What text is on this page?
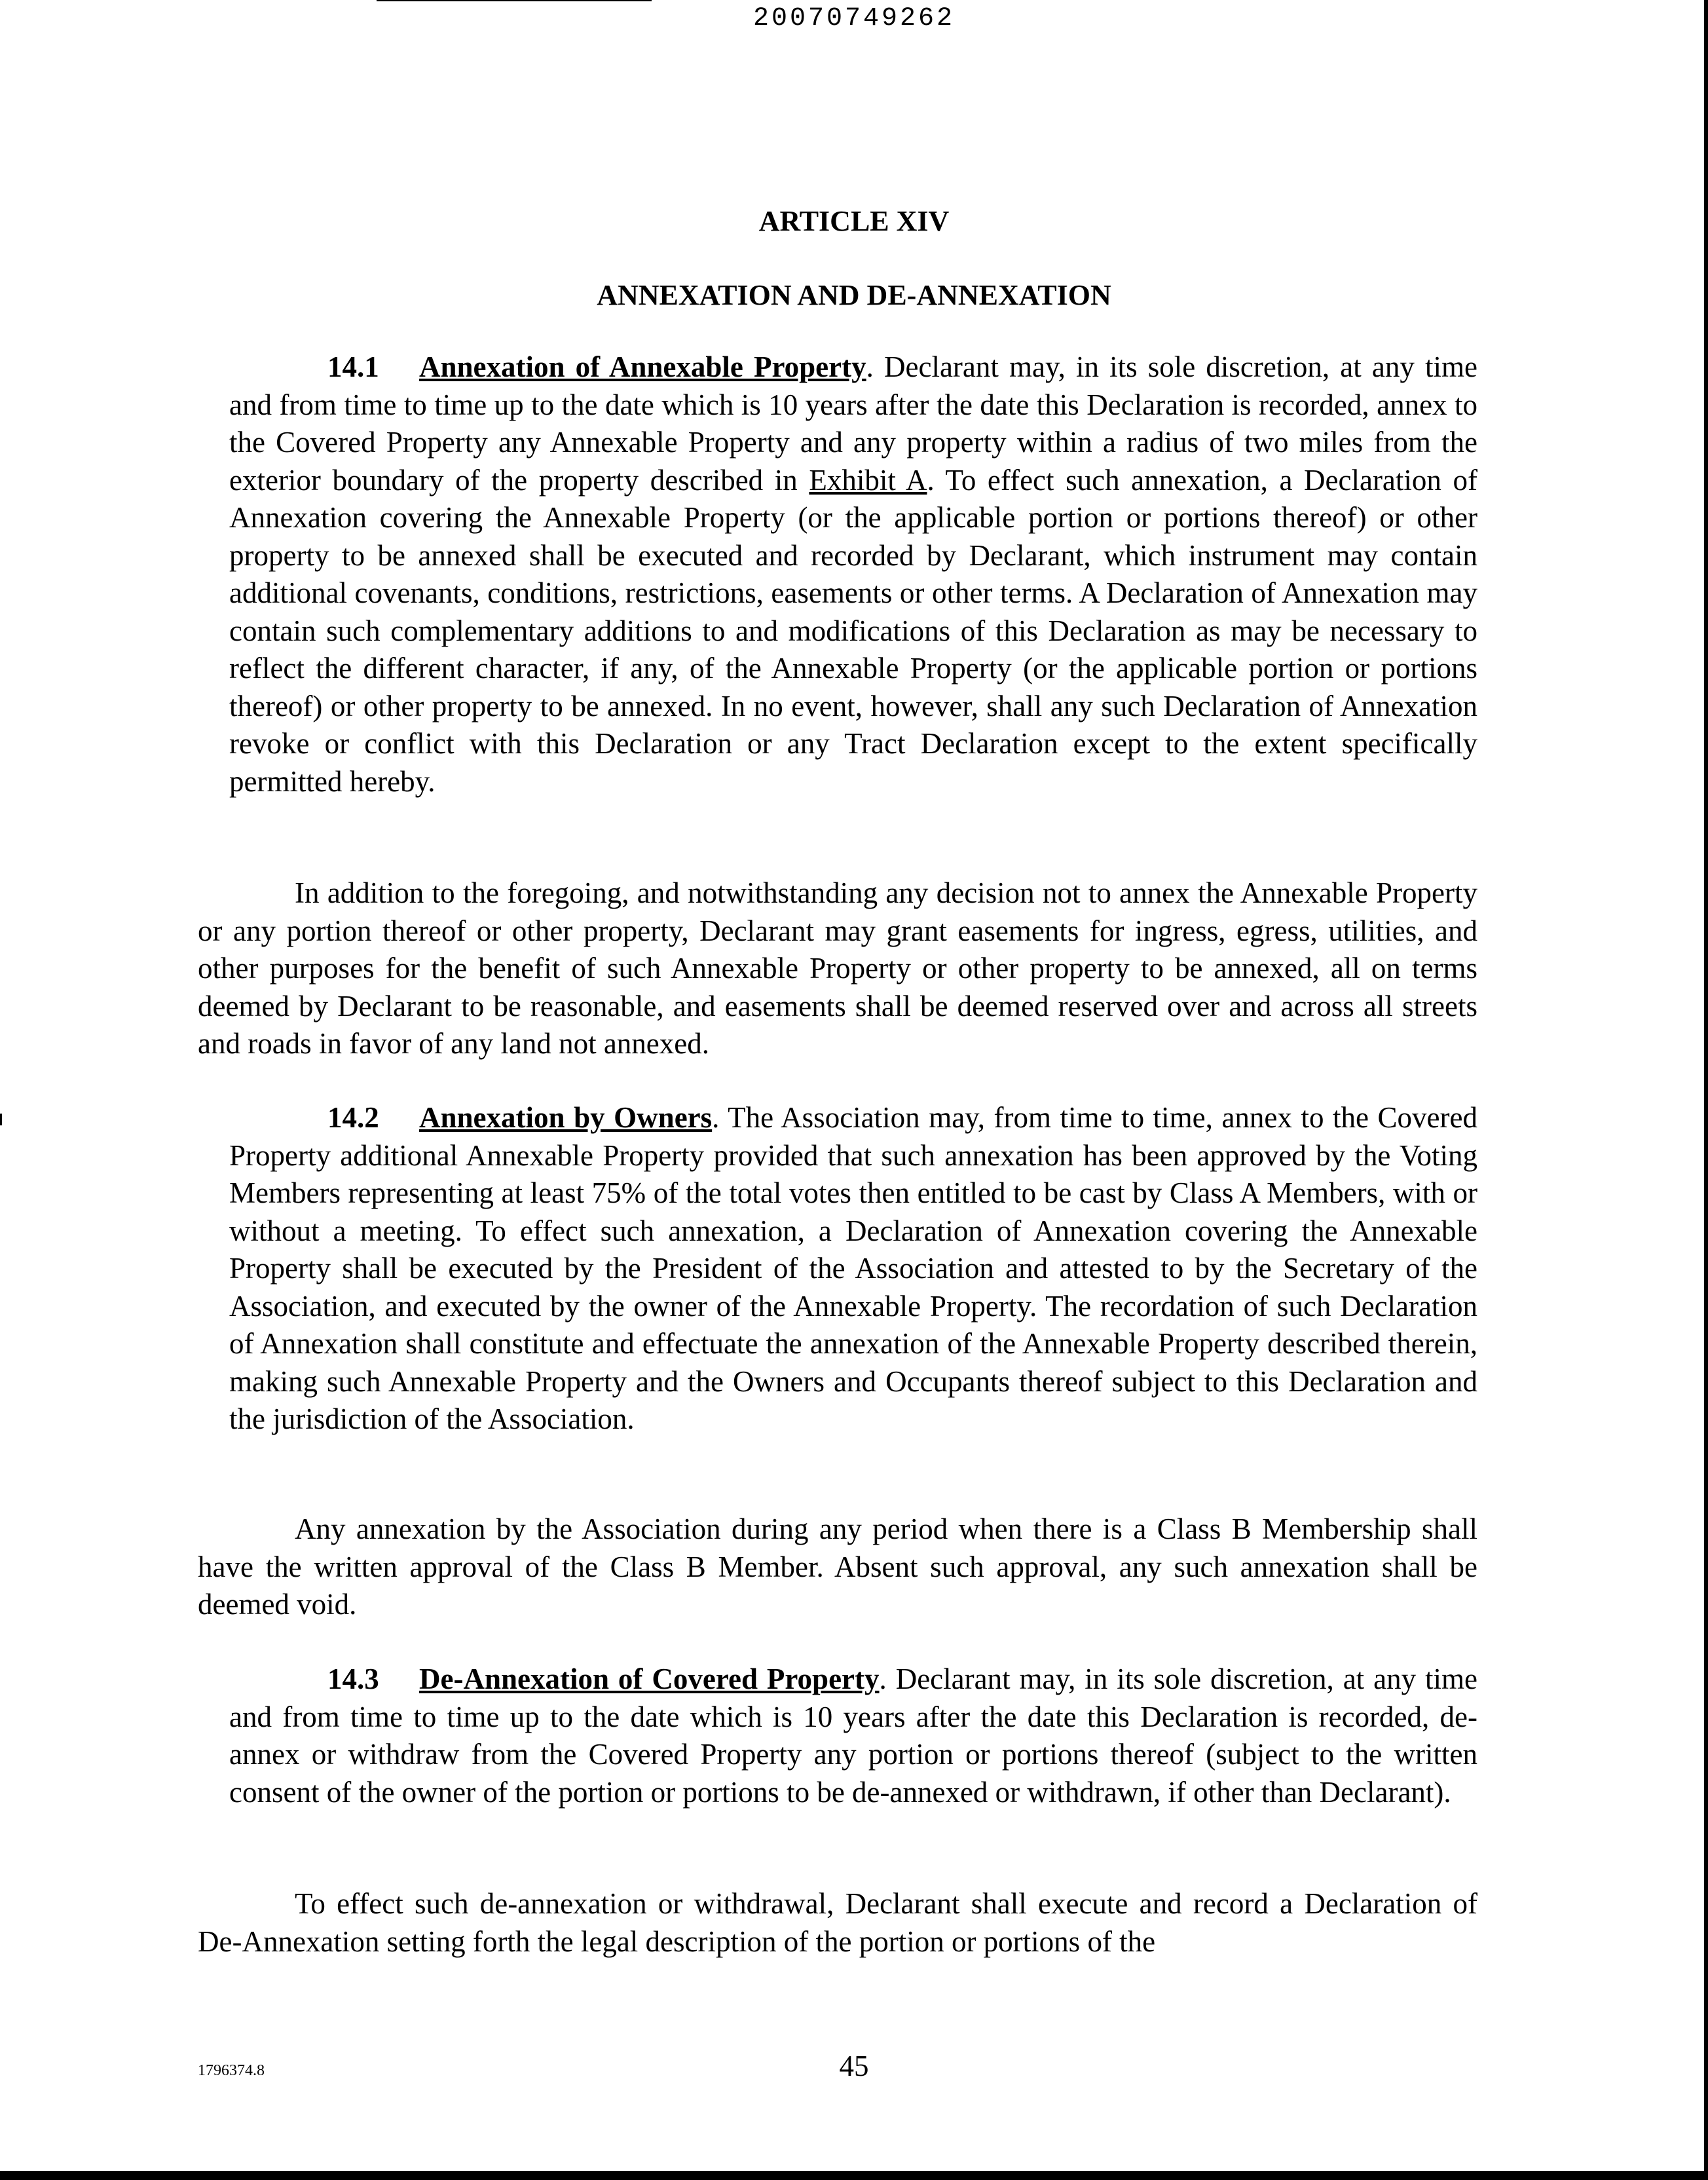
20070749262
ARTICLE XIV
ANNEXATION AND DE-ANNEXATION

14.1 Annexation of Annexable Property. Declarant may, in its sole discretion, at any time and from time to time up to the date which is 10 years after the date this Declaration is recorded, annex to the Covered Property any Annexable Property and any property within a radius of two miles from the exterior boundary of the property described in Exhibit A. To effect such annexation, a Declaration of Annexation covering the Annexable Property (or the applicable portion or portions thereof) or other property to be annexed shall be executed and recorded by Declarant, which instrument may contain additional covenants, conditions, restrictions, easements or other terms. A Declaration of Annexation may contain such complementary additions to and modifications of this Declaration as may be necessary to reflect the different character, if any, of the Annexable Property (or the applicable portion or portions thereof) or other property to be annexed. In no event, however, shall any such Declaration of Annexation revoke or conflict with this Declaration or any Tract Declaration except to the extent specifically permitted hereby.

In addition to the foregoing, and notwithstanding any decision not to annex the Annexable Property or any portion thereof or other property, Declarant may grant easements for ingress, egress, utilities, and other purposes for the benefit of such Annexable Property or other property to be annexed, all on terms deemed by Declarant to be reasonable, and easements shall be deemed reserved over and across all streets and roads in favor of any land not annexed.

14.2 Annexation by Owners. The Association may, from time to time, annex to the Covered Property additional Annexable Property provided that such annexation has been approved by the Voting Members representing at least 75% of the total votes then entitled to be cast by Class A Members, with or without a meeting. To effect such annexation, a Declaration of Annexation covering the Annexable Property shall be executed by the President of the Association and attested to by the Secretary of the Association, and executed by the owner of the Annexable Property. The recordation of such Declaration of Annexation shall constitute and effectuate the annexation of the Annexable Property described therein, making such Annexable Property and the Owners and Occupants thereof subject to this Declaration and the jurisdiction of the Association.

Any annexation by the Association during any period when there is a Class B Membership shall have the written approval of the Class B Member. Absent such approval, any such annexation shall be deemed void.

14.3 De-Annexation of Covered Property. Declarant may, in its sole discretion, at any time and from time to time up to the date which is 10 years after the date this Declaration is recorded, de-annex or withdraw from the Covered Property any portion or portions thereof (subject to the written consent of the owner of the portion or portions to be de-annexed or withdrawn, if other than Declarant).

To effect such de-annexation or withdrawal, Declarant shall execute and record a Declaration of De-Annexation setting forth the legal description of the portion or portions of the

1796374.8	45
